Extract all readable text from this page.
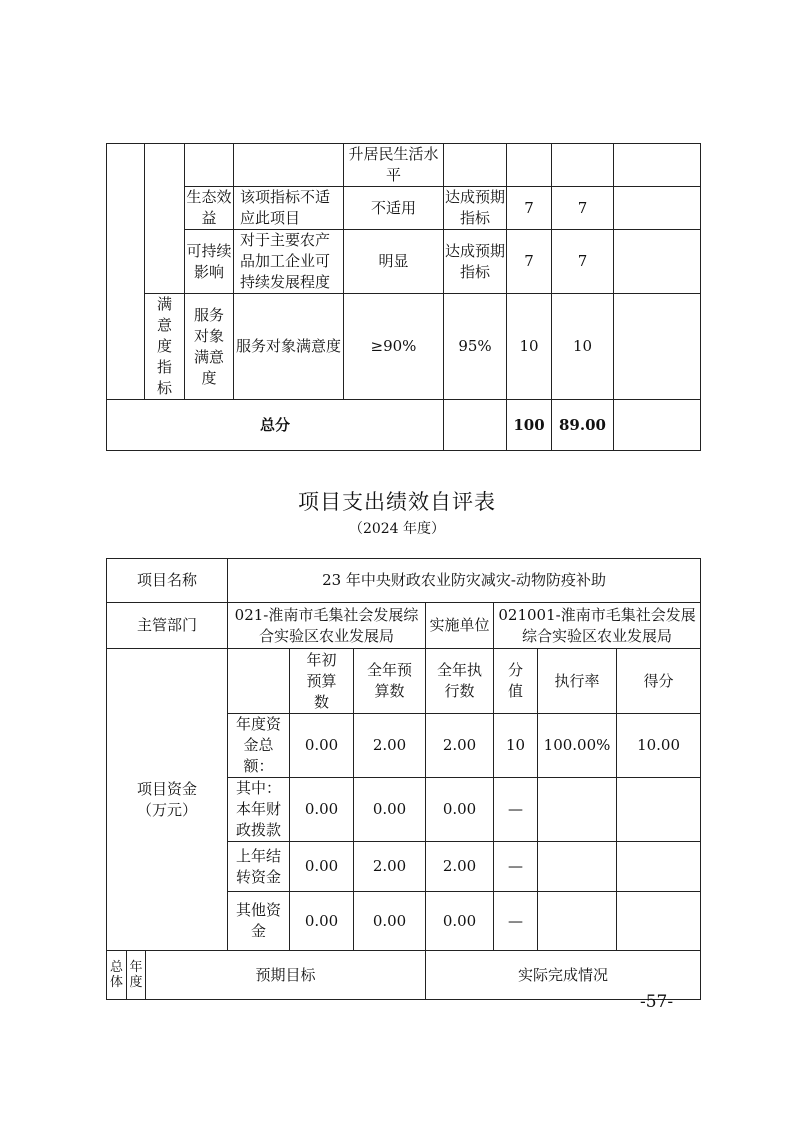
				升居民生活水平				
		生态效益	该项指标不适应此项目	不适用	达成预期指标	7	7	
		可持续影响	对于主要农产品加工企业可持续发展程度	明显	达成预期指标	7	7	
	满意度指标	服务对象满意度	服务对象满意度	≥90%	95%	10	10	
总分						100	89.00	
项目支出绩效自评表
（2024 年度）
项目名称			23 年中央财政农业防灾减灾-动物防疫补助						
主管部门			021-淮南市毛集社会发展综合实验区农业发展局			实施单位	021001-淮南市毛集社会发展综合实验区农业发展局		
项目资金（万元）				年初预算数	全年预算数	全年执行数	分值	执行率	得分
			年度资金总额：	0.00	2.00	2.00	10	100.00%	10.00
			其中：本年财政拨款	0.00	0.00	0.00	—		
			上年结转资金	0.00	2.00	2.00	—		
			其他资金	0.00	0.00	0.00	—		
总体	年度	预期目标				实际完成情况			
-57-
